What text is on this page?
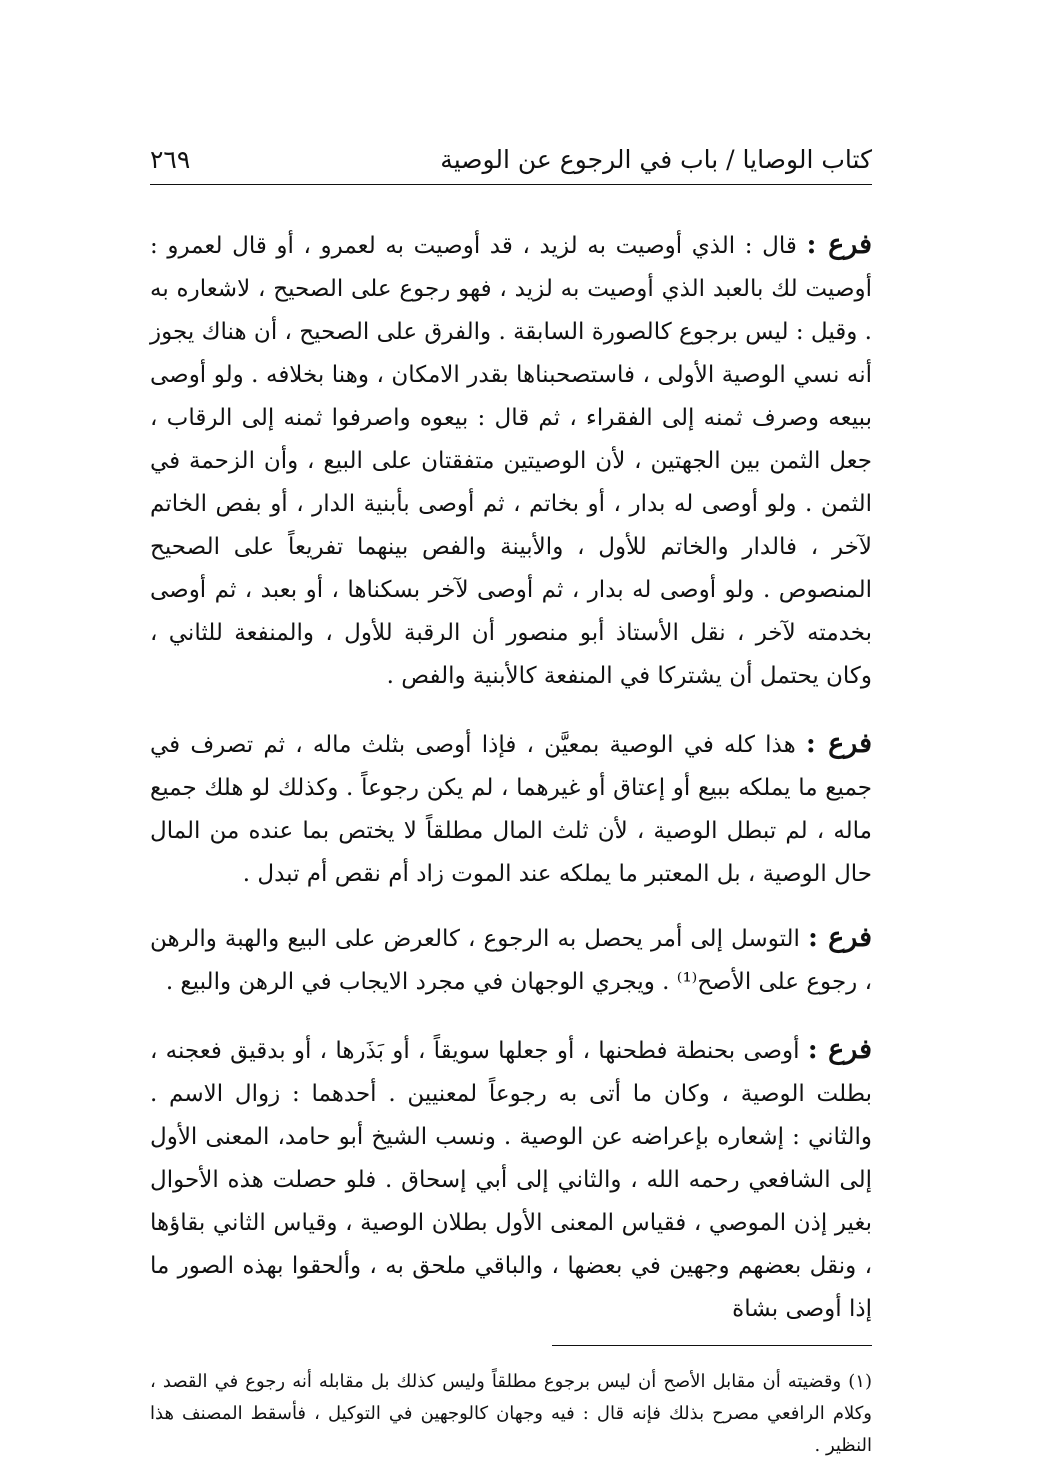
كتاب الوصايا / باب في الرجوع عن الوصية
٢٦٩

فرع : قال : الذي أوصيت به لزيد ، قد أوصيت به لعمرو ، أو قال لعمرو : أوصيت لك بالعبد الذي أوصيت به لزيد ، فهو رجوع على الصحيح ، لاشعاره به . وقيل : ليس برجوع كالصورة السابقة . والفرق على الصحيح ، أن هناك يجوز أنه نسي الوصية الأولى ، فاستصحبناها بقدر الامكان ، وهنا بخلافه . ولو أوصى ببيعه وصرف ثمنه إلى الفقراء ، ثم قال : بيعوه واصرفوا ثمنه إلى الرقاب ، جعل الثمن بين الجهتين ، لأن الوصيتين متفقتان على البيع ، وأن الزحمة في الثمن . ولو أوصى له بدار ، أو بخاتم ، ثم أوصى بأبنية الدار ، أو بفص الخاتم لآخر ، فالدار والخاتم للأول ، والأبينة والفص بينهما تفريعاً على الصحيح المنصوص . ولو أوصى له بدار ، ثم أوصى لآخر بسكناها ، أو بعبد ، ثم أوصى بخدمته لآخر ، نقل الأستاذ أبو منصور أن الرقبة للأول ، والمنفعة للثاني ، وكان يحتمل أن يشتركا في المنفعة كالأبنية والفص .

فرع : هذا كله في الوصية بمعيَّن ، فإذا أوصى بثلث ماله ، ثم تصرف في جميع ما يملكه ببيع أو إعتاق أو غيرهما ، لم يكن رجوعاً . وكذلك لو هلك جميع ماله ، لم تبطل الوصية ، لأن ثلث المال مطلقاً لا يختص بما عنده من المال حال الوصية ، بل المعتبر ما يملكه عند الموت زاد أم نقص أم تبدل .

فرع : التوسل إلى أمر يحصل به الرجوع ، كالعرض على البيع والهبة والرهن ، رجوع على الأصح⁽¹⁾ . ويجري الوجهان في مجرد الايجاب في الرهن والبيع .

فرع : أوصى بحنطة فطحنها ، أو جعلها سويقاً ، أو بَذَرها ، أو بدقيق فعجنه ، بطلت الوصية ، وكان ما أتى به رجوعاً لمعنيين . أحدهما : زوال الاسم . والثاني : إشعاره بإعراضه عن الوصية . ونسب الشيخ أبو حامد، المعنى الأول إلى الشافعي رحمه الله ، والثاني إلى أبي إسحاق . فلو حصلت هذه الأحوال بغير إذن الموصي ، فقياس المعنى الأول بطلان الوصية ، وقياس الثاني بقاؤها ، ونقل بعضهم وجهين في بعضها ، والباقي ملحق به ، وألحقوا بهذه الصور ما إذا أوصى بشاة

(١) وقضيته أن مقابل الأصح أن ليس برجوع مطلقاً وليس كذلك بل مقابله أنه رجوع في القصد ، وكلام الرافعي مصرح بذلك فإنه قال : فيه وجهان كالوجهين في التوكيل ، فأسقط المصنف هذا النظير .
